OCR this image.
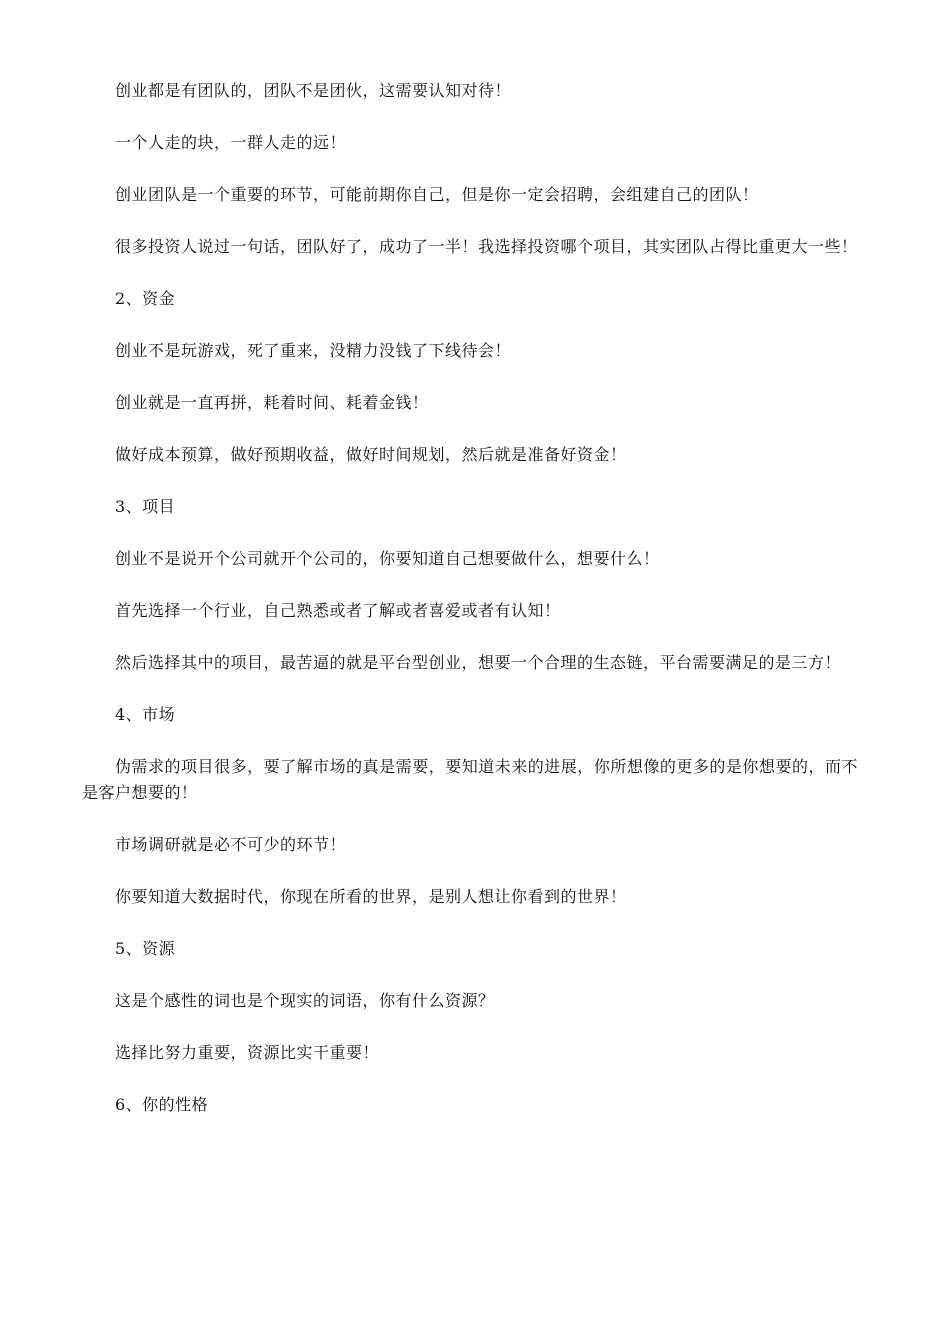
创业都是有团队的，团队不是团伙，这需要认知对待！

一个人走的块，一群人走的远！

创业团队是一个重要的环节，可能前期你自己，但是你一定会招聘，会组建自己的团队！

很多投资人说过一句话，团队好了，成功了一半！我选择投资哪个项目，其实团队占得比重更大一些！

2、资金

创业不是玩游戏，死了重来，没精力没钱了下线待会！

创业就是一直再拼，耗着时间、耗着金钱！

做好成本预算，做好预期收益，做好时间规划，然后就是准备好资金！

3、项目

创业不是说开个公司就开个公司的，你要知道自己想要做什么，想要什么！

首先选择一个行业，自己熟悉或者了解或者喜爱或者有认知！

然后选择其中的项目，最苦逼的就是平台型创业，想要一个合理的生态链，平台需要满足的是三方！

4、市场

伪需求的项目很多，要了解市场的真是需要，要知道未来的进展，你所想像的更多的是你想要的，而不是客户想要的！

市场调研就是必不可少的环节！

你要知道大数据时代，你现在所看的世界，是别人想让你看到的世界！

5、资源

这是个感性的词也是个现实的词语，你有什么资源？

选择比努力重要，资源比实干重要！

6、你的性格
